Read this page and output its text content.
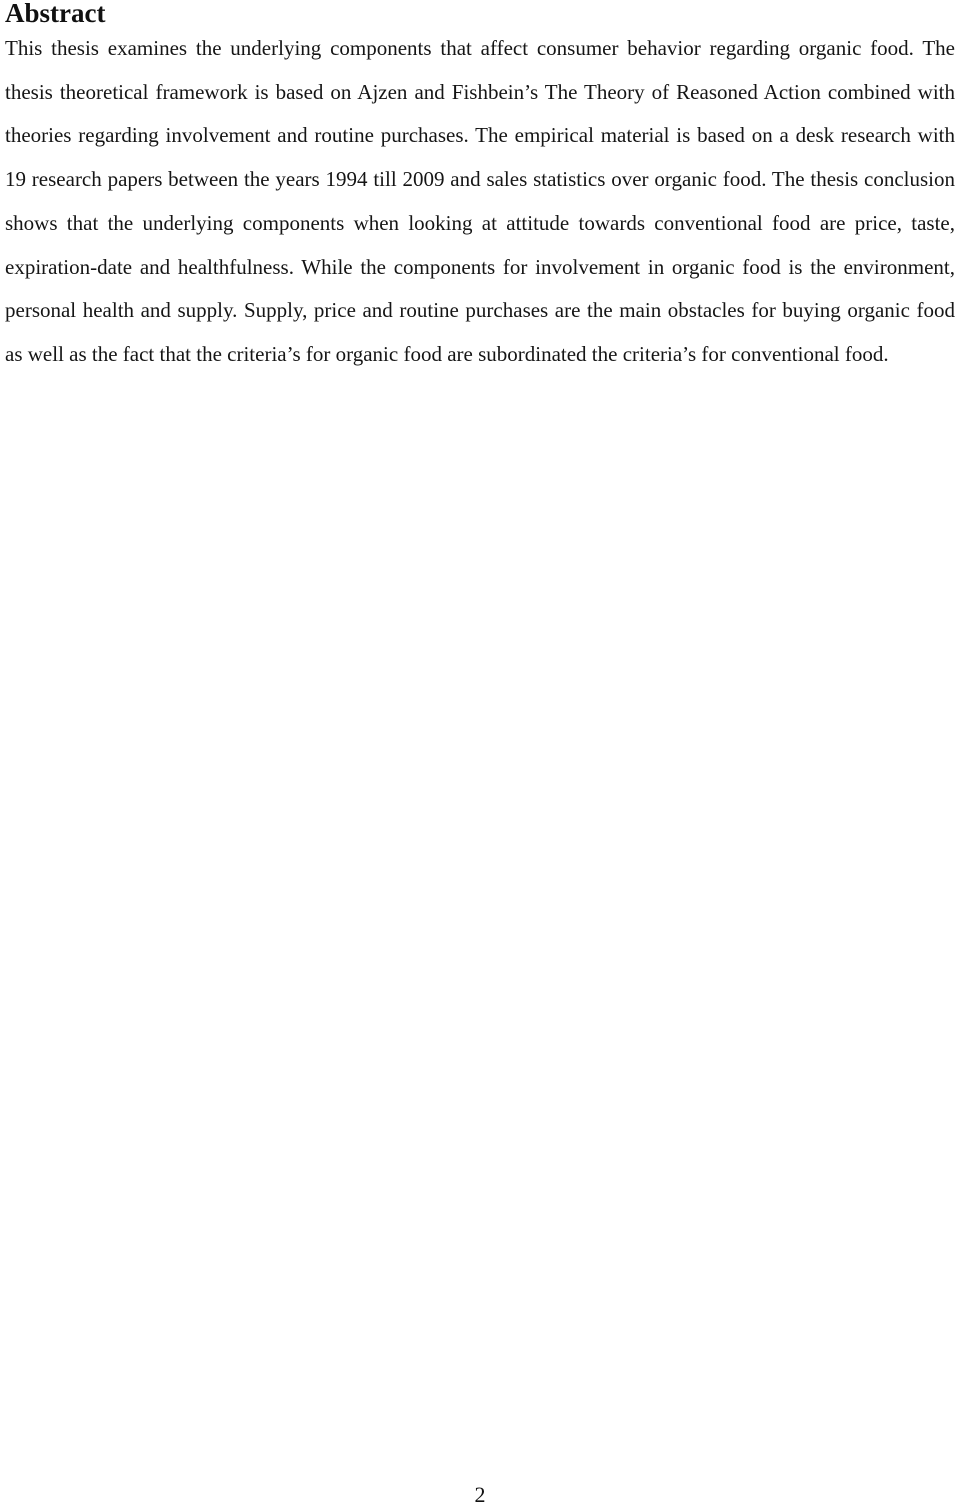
Abstract

This thesis examines the underlying components that affect consumer behavior regarding organic food. The thesis theoretical framework is based on Ajzen and Fishbein’s The Theory of Reasoned Action combined with theories regarding involvement and routine purchases. The empirical material is based on a desk research with 19 research papers between the years 1994 till 2009 and sales statistics over organic food. The thesis conclusion shows that the underlying components when looking at attitude towards conventional food are price, taste, expiration-date and healthfulness. While the components for involvement in organic food is the environment, personal health and supply. Supply, price and routine purchases are the main obstacles for buying organic food as well as the fact that the criteria’s for organic food are subordinated the criteria’s for conventional food.

2
